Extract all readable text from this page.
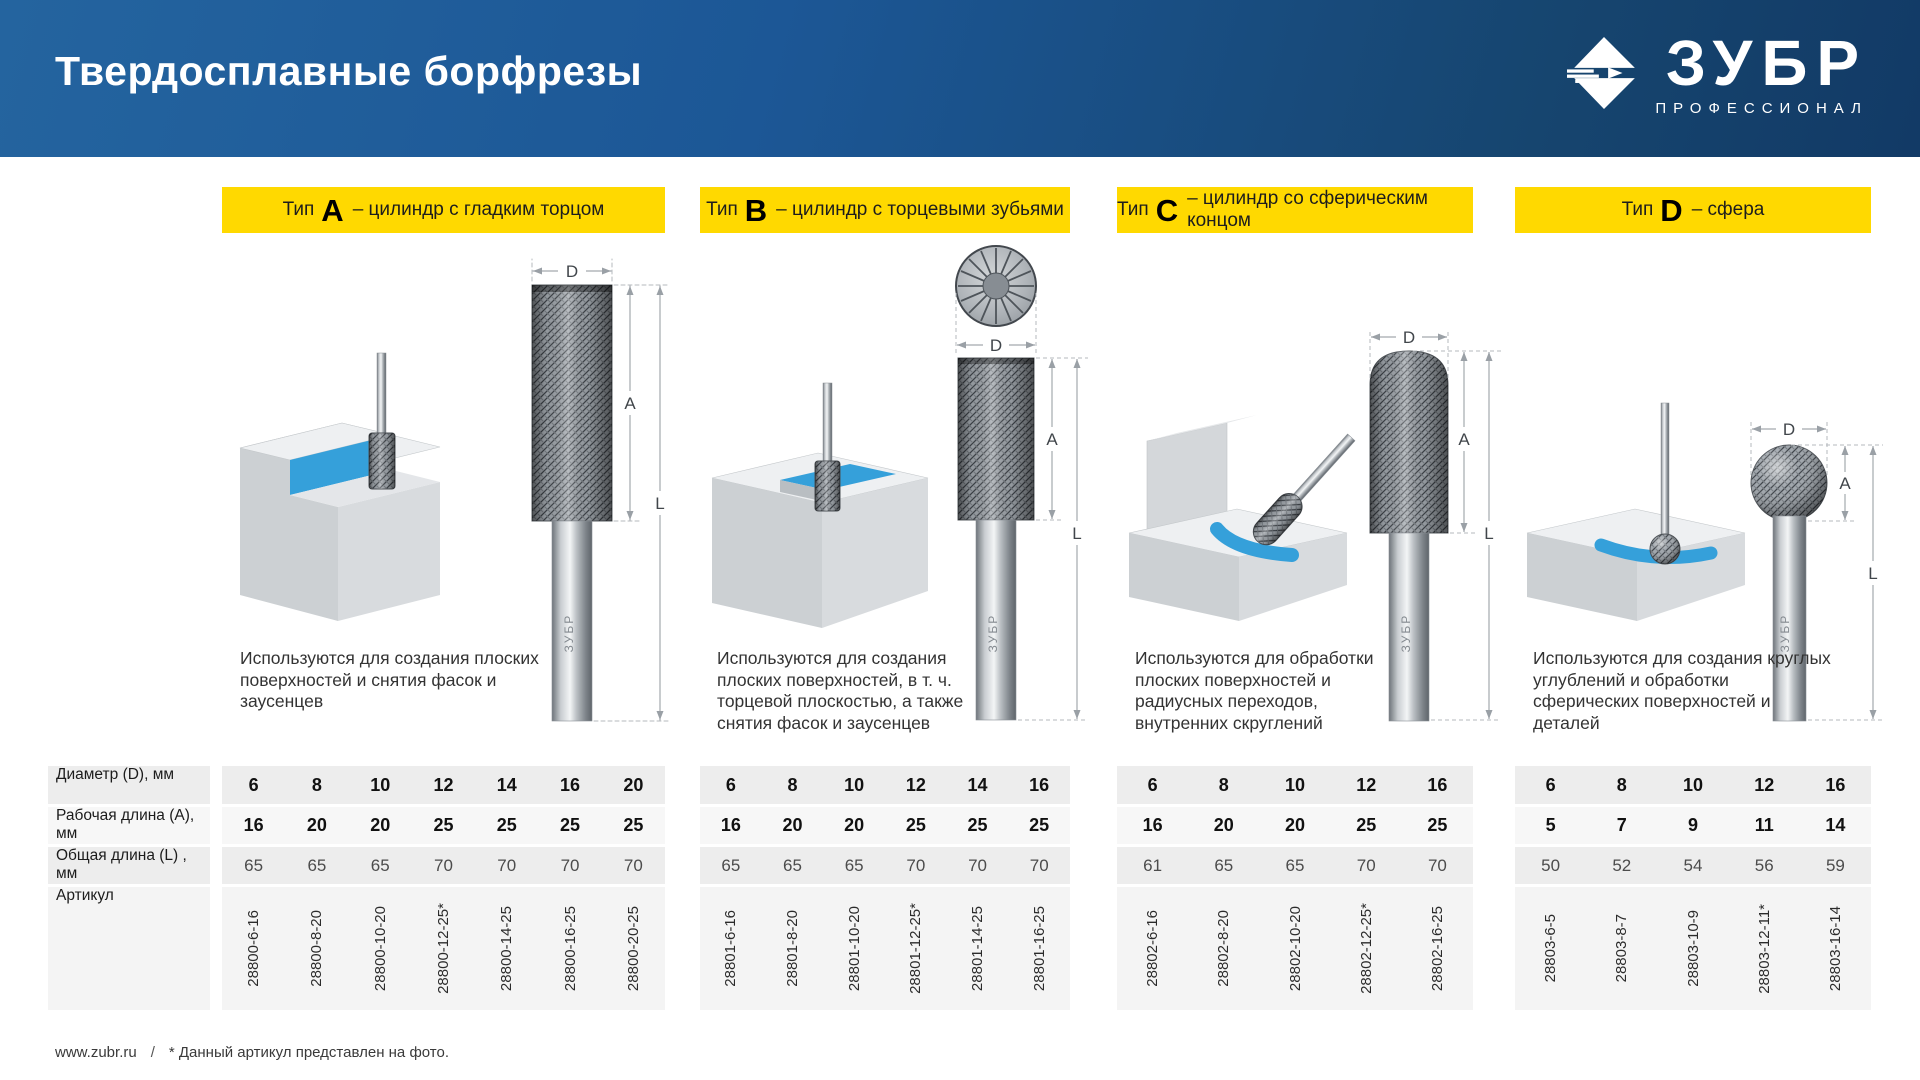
Твердосплавные борфрезы	ЗУБР
ПРОФЕССИОНАЛ
Тип A – цилиндр с гладким торцом	Тип B – цилиндр с торцевыми зубьями	Тип C – цилиндр со сферическим концом
Тип D – сфера
ЗУБР
D
A
L
ЗУБР
D
A
L
ЗУБР
D
A
L
ЗУБР
D
A
L
Используются для создания плоских поверхностей и снятия фасок и заусенцев
Используются для создания плоских поверхностей, в т. ч. торцевой плоскостью, а также снятия фасок и заусенцев
Используются для обработки плоских поверхностей и радиусных переходов, внутренних скруглений
Используются для создания круглых углублений и обработки сферических поверхностей и деталей
Диаметр (D), мм
Рабочая длина (A), мм
Общая длина (L) , мм
Артикул
6	8	10	12	14	16	20
16	20	20	25	25	25	25
65	65	65	70	70	70	70
28800-6-16	28800-8-20	28800-10-20	28800-12-25*	28800-14-25	28800-16-25	28800-20-25
6	8	10	12	14	16
16	20	20	25	25	25
65	65	65	70	70	70
28801-6-16	28801-8-20	28801-10-20	28801-12-25*	28801-14-25	28801-16-25
6	8	10	12	16
16	20	20	25	25
61	65	65	70	70
28802-6-16	28802-8-20	28802-10-20	28802-12-25*	28802-16-25
6	8	10	12	16
5	7	9	11	14
50	52	54	56	59
28803-6-5	28803-8-7	28803-10-9	28803-12-11*	28803-16-14
www.zubr.ru / * Данный артикул представлен на фото.
